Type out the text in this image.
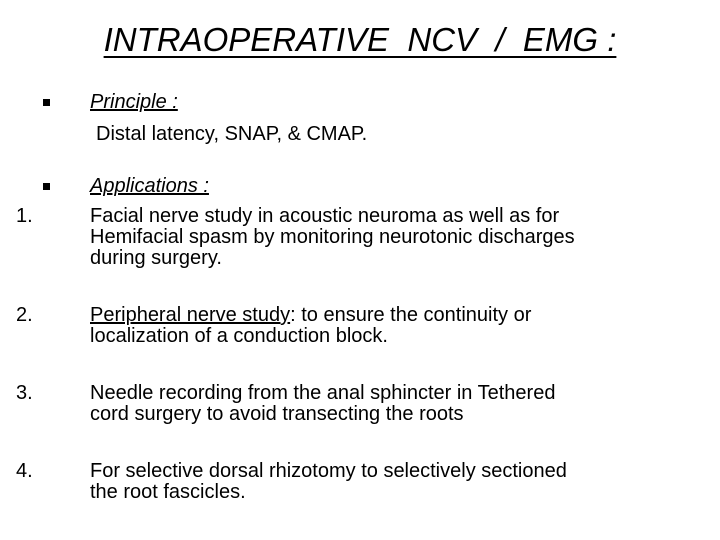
INTRAOPERATIVE  NCV  /  EMG :
Principle :
Distal latency, SNAP, & CMAP.
Applications :
1.	Facial nerve study in acoustic neuroma as well as for
Hemifacial spasm by monitoring neurotonic discharges
during surgery.
2.	Peripheral nerve study: to ensure the continuity or
localization of a conduction block.
3.	Needle recording from the anal sphincter in Tethered
cord surgery to avoid transecting the roots
4.	For selective dorsal rhizotomy to selectively sectioned
the root fascicles.
